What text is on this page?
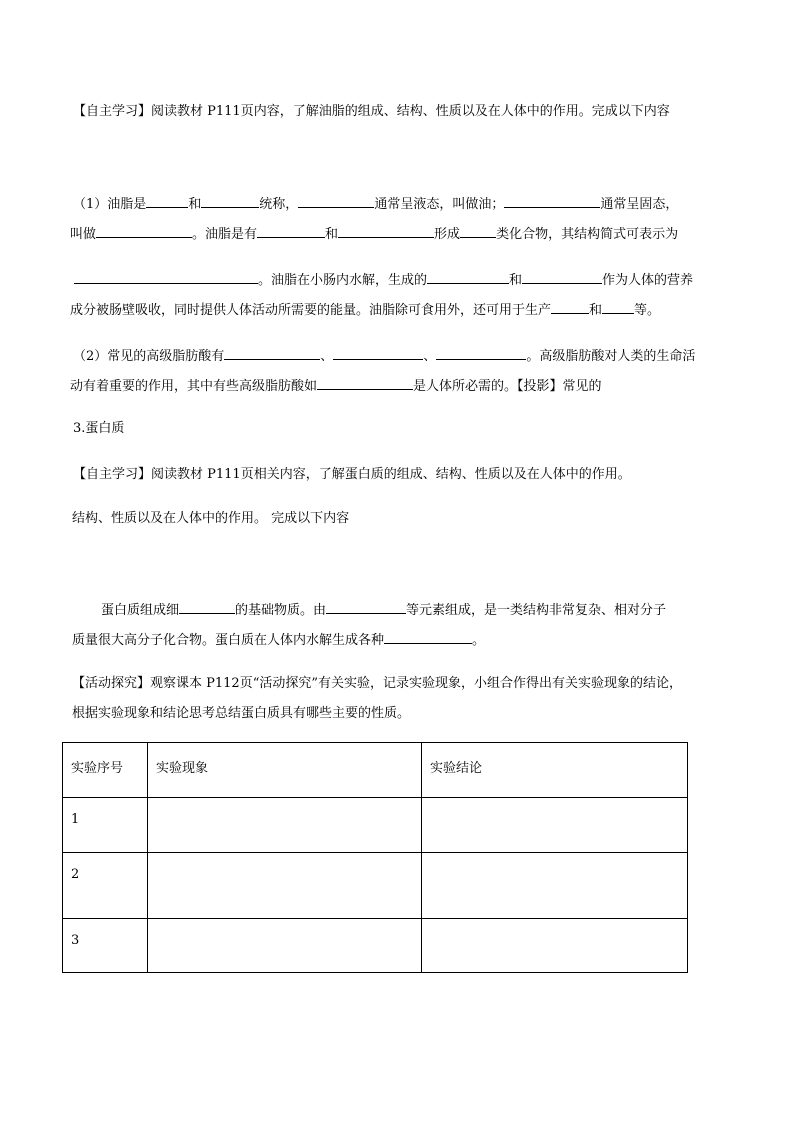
【自主学习】阅读教材 P111页内容，了解油脂的组成、结构、性质以及在人体中的作用。完成以下内容
（1）油脂是	和	统称，	通常呈液态，叫做油；	通常呈固态，
叫做	。油脂是有	和	形成	类化合物，其结构简式可表示为
。油脂在小肠内水解，生成的	和	作为人体的营养
成分被肠壁吸收，同时提供人体活动所需要的能量。油脂除可食用外，还可用于生产	和 等。
（2）常见的高级脂肪酸有	、	、	。高级脂肪酸对人类的生命活
动有着重要的作用，其中有些高级脂肪酸如	是人体所必需的。【投影】常见的
3.蛋白质
【自主学习】阅读教材 P111页相关内容，了解蛋白质的组成、结构、性质以及在人体中的作用。
结构、性质以及在人体中的作用。 完成以下内容
蛋白质组成细	的基础物质。由	等元素组成，是一类结构非常复杂、相对分子
质量很大高分子化合物。蛋白质在人体内水解生成各种	。
【活动探究】观察课本 P112页“活动探究”有关实验，记录实验现象，小组合作得出有关实验现象的结论，
根据实验现象和结论思考总结蛋白质具有哪些主要的性质。
实验序号	实验现象	实验结论
1		
2		
3		
